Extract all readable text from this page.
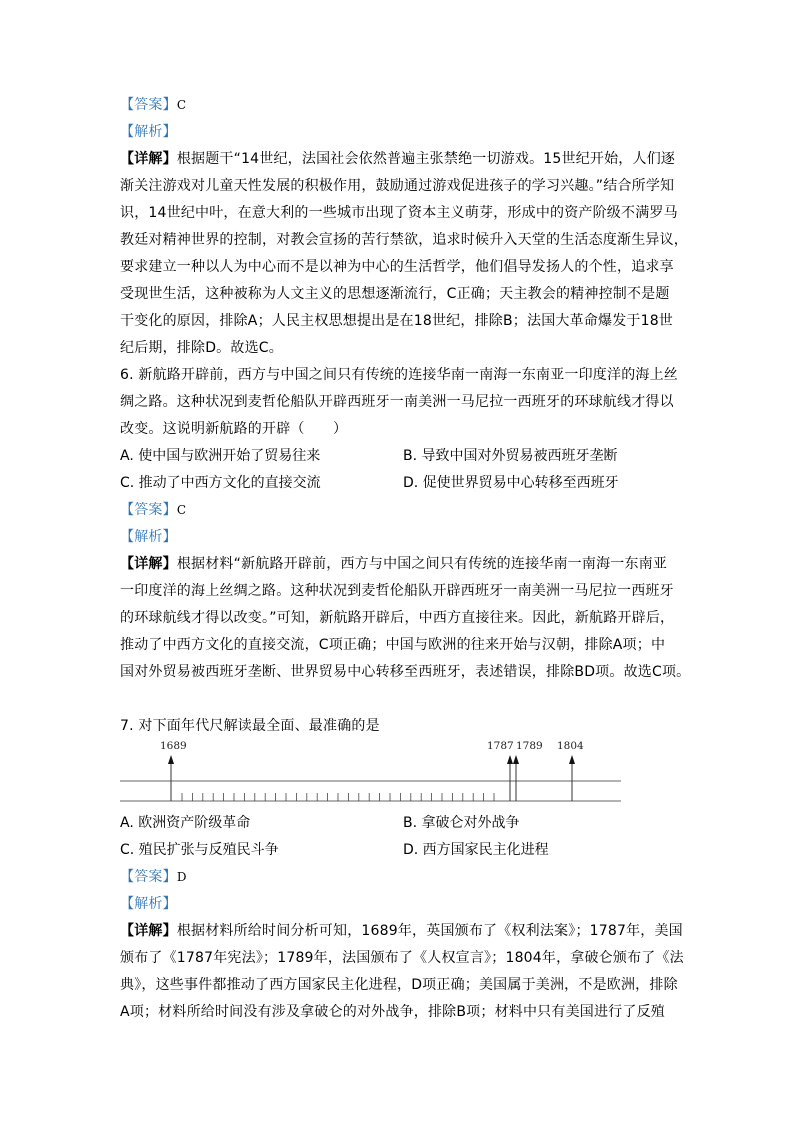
【答案】C
【解析】
【详解】根据题干“14世纪，法国社会依然普遍主张禁绝一切游戏。15世纪开始，人们逐
渐关注游戏对儿童天性发展的积极作用，鼓励通过游戏促进孩子的学习兴趣。”结合所学知
识，14世纪中叶，在意大利的一些城市出现了资本主义萌芽，形成中的资产阶级不满罗马
教廷对精神世界的控制，对教会宣扬的苦行禁欲，追求时候升入天堂的生活态度渐生异议，
要求建立一种以人为中心而不是以神为中心的生活哲学，他们倡导发扬人的个性，追求享
受现世生活，这种被称为人文主义的思想逐渐流行，C正确；天主教会的精神控制不是题
干变化的原因，排除A；人民主权思想提出是在18世纪，排除B；法国大革命爆发于18世
纪后期，排除D。故选C。
6. 新航路开辟前，西方与中国之间只有传统的连接华南一南海一东南亚一印度洋的海上丝
绸之路。这种状况到麦哲伦船队开辟西班牙一南美洲一马尼拉一西班牙的环球航线才得以
改变。这说明新航路的开辟（　　）
A. 使中国与欧洲开始了贸易往来	B. 导致中国对外贸易被西班牙垄断
C. 推动了中西方文化的直接交流	D. 促使世界贸易中心转移至西班牙
【答案】C
【解析】
【详解】根据材料“新航路开辟前，西方与中国之间只有传统的连接华南一南海一东南亚
一印度洋的海上丝绸之路。这种状况到麦哲伦船队开辟西班牙一南美洲一马尼拉一西班牙
的环球航线才得以改变。”可知，新航路开辟后，中西方直接往来。因此，新航路开辟后，
推动了中西方文化的直接交流，C项正确；中国与欧洲的往来开始与汉朝，排除A项；中
国对外贸易被西班牙垄断、世界贸易中心转移至西班牙，表述错误，排除BD项。故选C项。
7. 对下面年代尺解读最全面、最准确的是
1689	1787 1789 1804
A. 欧洲资产阶级革命	B. 拿破仑对外战争
C. 殖民扩张与反殖民斗争	D. 西方国家民主化进程
【答案】D
【解析】
【详解】根据材料所给时间分析可知，1689年，英国颁布了《权利法案》；1787年，美国
颁布了《1787年宪法》；1789年，法国颁布了《人权宣言》；1804年，拿破仑颁布了《法
典》，这些事件都推动了西方国家民主化进程，D项正确；美国属于美洲，不是欧洲，排除
A项；材料所给时间没有涉及拿破仑的对外战争，排除B项；材料中只有美国进行了反殖
